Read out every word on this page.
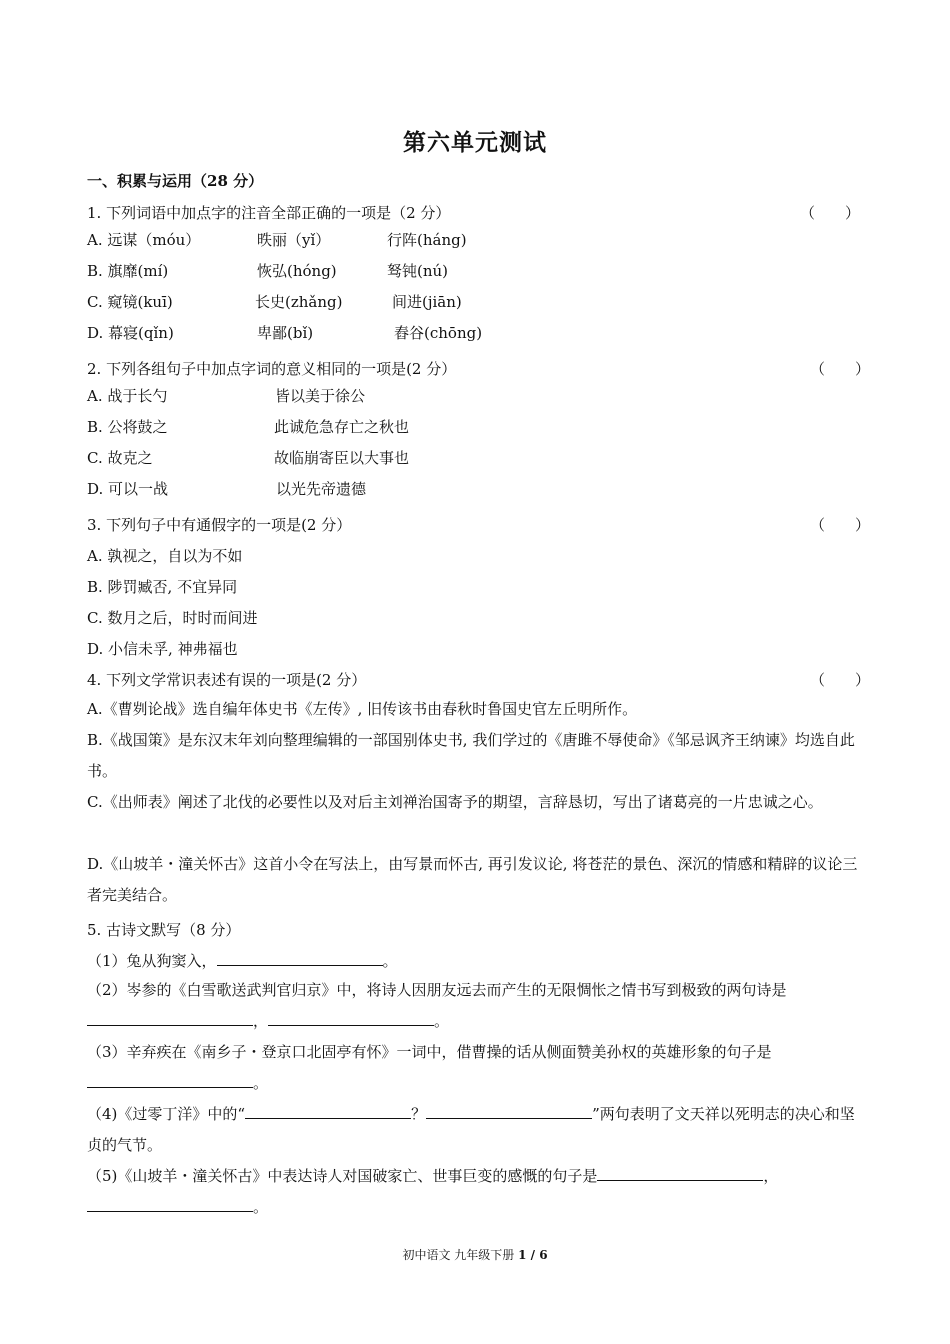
第六单元测试
一、积累与运用（28 分）
1. 下列词语中加点字的注音全部正确的一项是（2 分）	（　　）
A. 远谋（móu）	昳丽（yǐ）	行阵(háng)
B. 旗靡(mí)	恢弘(hóng)	驽钝(nú)
C. 窥镜(kuī)	长史(zhǎng)	间进(jiān)
D. 幕寝(qǐn)	卑鄙(bǐ)	舂谷(chōng)
2. 下列各组句子中加点字词的意义相同的一项是(2 分）	（　　）
A. 战于长勺	皆以美于徐公
B. 公将鼓之	此诚危急存亡之秋也
C. 故克之	故临崩寄臣以大事也
D. 可以一战	以光先帝遗德
3. 下列句子中有通假字的一项是(2 分）	（　　）
A. 孰视之，自以为不如
B. 陟罚臧否, 不宜异同
C. 数月之后，时时而间进
D. 小信未孚, 神弗福也
4. 下列文学常识表述有误的一项是(2 分）	（　　）
A.《曹刿论战》选自编年体史书《左传》, 旧传该书由春秋时鲁国史官左丘明所作。
B.《战国策》是东汉末年刘向整理编辑的一部国别体史书, 我们学过的《唐雎不辱使命》《邹忌讽齐王纳谏》均选自此书。
C.《出师表》阐述了北伐的必要性以及对后主刘禅治国寄予的期望，言辞恳切，写出了诸葛亮的一片忠诚之心。
D.《山坡羊・潼关怀古》这首小令在写法上，由写景而怀古, 再引发议论, 将苍茫的景色、深沉的情感和精辟的议论三者完美结合。
5. 古诗文默写（8 分）
（1）兔从狗窦入，	。
（2）岑参的《白雪歌送武判官归京》中，将诗人因朋友远去而产生的无限惆怅之情书写到极致的两句诗是
，	。
（3）辛弃疾在《南乡子・登京口北固亭有怀》一词中，借曹操的话从侧面赞美孙权的英雄形象的句子是
。
（4)《过零丁洋》中的“	？	”两句表明了文天祥以死明志的决心和坚贞的气节。
（5)《山坡羊・潼关怀古》中表达诗人对国破家亡、世事巨变的感慨的句子是	，
。
初中语文 九年级下册 1 / 6
